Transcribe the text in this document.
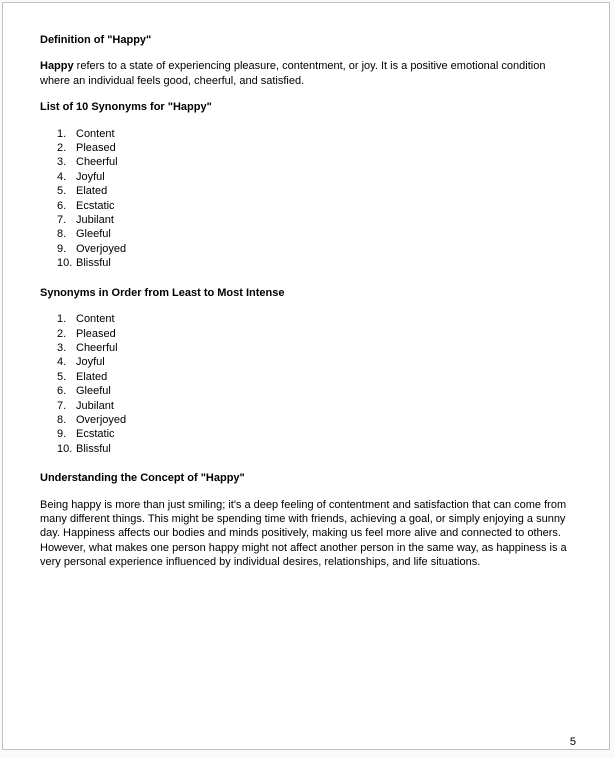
Definition of "Happy"

Happy refers to a state of experiencing pleasure, contentment, or joy. It is a positive emotional condition where an individual feels good, cheerful, and satisfied.

List of 10 Synonyms for "Happy"
1. Content
2. Pleased
3. Cheerful
4. Joyful
5. Elated
6. Ecstatic
7. Jubilant
8. Gleeful
9. Overjoyed
10. Blissful
Synonyms in Order from Least to Most Intense
1. Content
2. Pleased
3. Cheerful
4. Joyful
5. Elated
6. Gleeful
7. Jubilant
8. Overjoyed
9. Ecstatic
10. Blissful
Understanding the Concept of "Happy"

Being happy is more than just smiling; it's a deep feeling of contentment and satisfaction that can come from many different things. This might be spending time with friends, achieving a goal, or simply enjoying a sunny day. Happiness affects our bodies and minds positively, making us feel more alive and connected to others. However, what makes one person happy might not affect another person in the same way, as happiness is a very personal experience influenced by individual desires, relationships, and life situations.

5
